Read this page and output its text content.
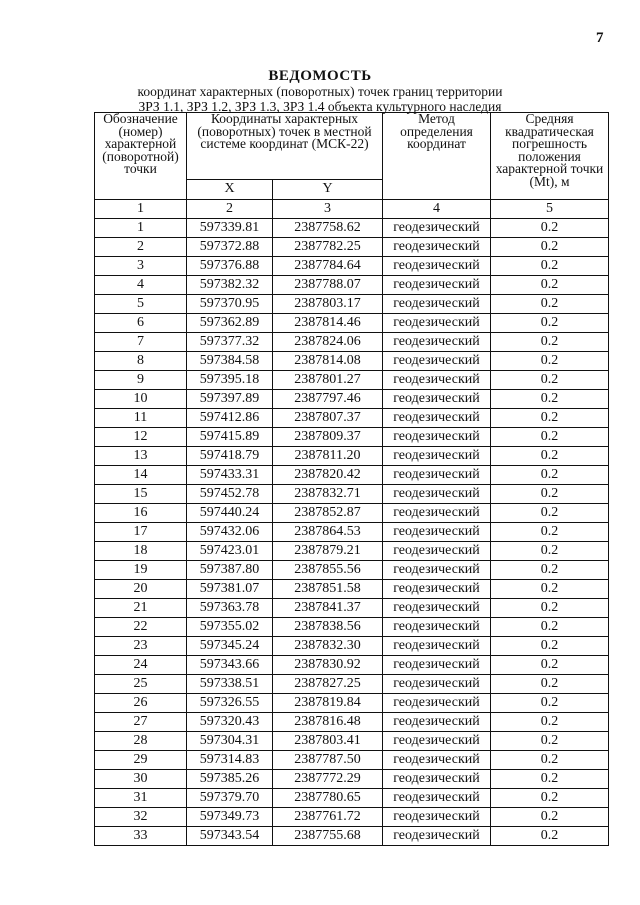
7
ВЕДОМОСТЬ
координат характерных (поворотных) точек границ территории
ЗРЗ 1.1, ЗРЗ 1.2, ЗРЗ 1.3, ЗРЗ 1.4 объекта культурного наследия
Обозначение (номер) характерной (поворотной) точки	Координаты характерных (поворотных) точек в местной системе координат (МСК-22)		Метод определения координат	Средняя квадратическая погрешность положения характерной точки (Mt), м
	X	Y		
1	2	3	4	5
1	597339.81	2387758.62	геодезический	0.2
2	597372.88	2387782.25	геодезический	0.2
3	597376.88	2387784.64	геодезический	0.2
4	597382.32	2387788.07	геодезический	0.2
5	597370.95	2387803.17	геодезический	0.2
6	597362.89	2387814.46	геодезический	0.2
7	597377.32	2387824.06	геодезический	0.2
8	597384.58	2387814.08	геодезический	0.2
9	597395.18	2387801.27	геодезический	0.2
10	597397.89	2387797.46	геодезический	0.2
11	597412.86	2387807.37	геодезический	0.2
12	597415.89	2387809.37	геодезический	0.2
13	597418.79	2387811.20	геодезический	0.2
14	597433.31	2387820.42	геодезический	0.2
15	597452.78	2387832.71	геодезический	0.2
16	597440.24	2387852.87	геодезический	0.2
17	597432.06	2387864.53	геодезический	0.2
18	597423.01	2387879.21	геодезический	0.2
19	597387.80	2387855.56	геодезический	0.2
20	597381.07	2387851.58	геодезический	0.2
21	597363.78	2387841.37	геодезический	0.2
22	597355.02	2387838.56	геодезический	0.2
23	597345.24	2387832.30	геодезический	0.2
24	597343.66	2387830.92	геодезический	0.2
25	597338.51	2387827.25	геодезический	0.2
26	597326.55	2387819.84	геодезический	0.2
27	597320.43	2387816.48	геодезический	0.2
28	597304.31	2387803.41	геодезический	0.2
29	597314.83	2387787.50	геодезический	0.2
30	597385.26	2387772.29	геодезический	0.2
31	597379.70	2387780.65	геодезический	0.2
32	597349.73	2387761.72	геодезический	0.2
33	597343.54	2387755.68	геодезический	0.2
